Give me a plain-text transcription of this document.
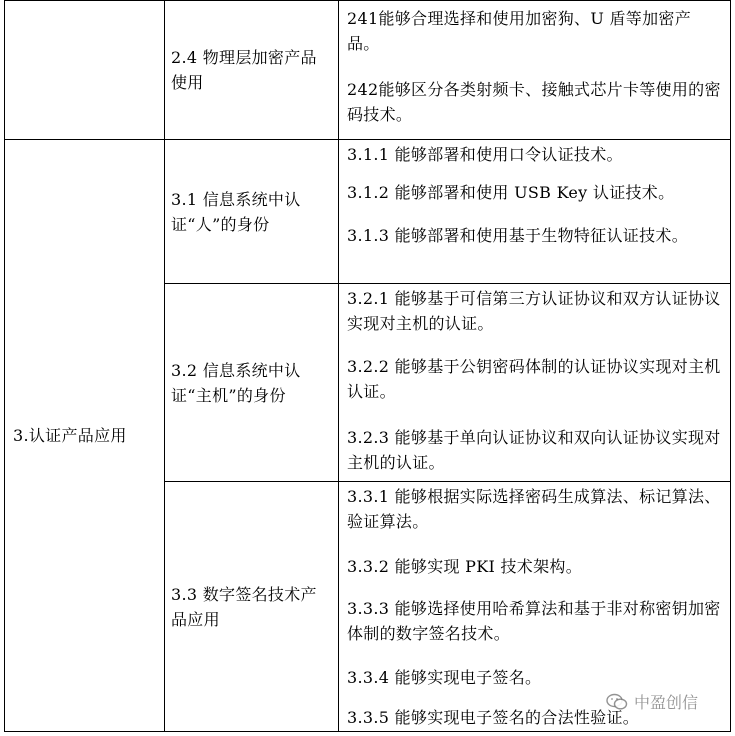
2.4 物理层加密产品使用
241能够合理选择和使用加密狗、U 盾等加密产品。
242能够区分各类射频卡、接触式芯片卡等使用的密码技术。
3.认证产品应用
3.1 信息系统中认证“人”的身份
3.1.1 能够部署和使用口令认证技术。
3.1.2 能够部署和使用 USB Key 认证技术。
3.1.3 能够部署和使用基于生物特征认证技术。
3.2 信息系统中认证“主机”的身份
3.2.1 能够基于可信第三方认证协议和双方认证协议实现对主机的认证。
3.2.2 能够基于公钥密码体制的认证协议实现对主机认证。
3.2.3 能够基于单向认证协议和双向认证协议实现对主机的认证。
3.3 数字签名技术产品应用
3.3.1 能够根据实际选择密码生成算法、标记算法、验证算法。
3.3.2 能够实现 PKI 技术架构。
3.3.3 能够选择使用哈希算法和基于非对称密钥加密体制的数字签名技术。
3.3.4 能够实现电子签名。
3.3.5 能够实现电子签名的合法性验证。
中盈创信
